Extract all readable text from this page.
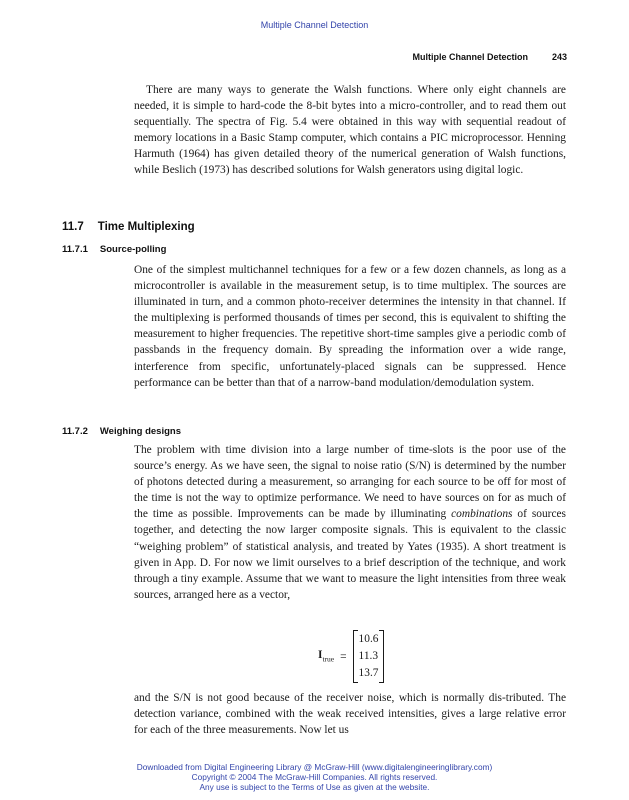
Multiple Channel Detection
Multiple Channel Detection	243

There are many ways to generate the Walsh functions. Where only eight channels are needed, it is simple to hard-code the 8-bit bytes into a micro-controller, and to read them out sequentially. The spectra of Fig. 5.4 were obtained in this way with sequential readout of memory locations in a Basic Stamp computer, which contains a PIC microprocessor. Henning Harmuth (1964) has given detailed theory of the numerical generation of Walsh functions, while Beslich (1973) has described solutions for Walsh generators using digital logic.

11.7 Time Multiplexing
11.7.1 Source-polling

One of the simplest multichannel techniques for a few or a few dozen channels, as long as a microcontroller is available in the measurement setup, is to time multiplex. The sources are illuminated in turn, and a common photo-receiver determines the intensity in that channel. If the multiplexing is performed thousands of times per second, this is equivalent to shifting the measurement to higher frequencies. The repetitive short-time samples give a periodic comb of passbands in the frequency domain. By spreading the information over a wide range, interference from specific, unfortunately-placed signals can be suppressed. Hence performance can be better than that of a narrow-band modulation/demodulation system.

11.7.2 Weighing designs

The problem with time division into a large number of time-slots is the poor use of the source’s energy. As we have seen, the signal to noise ratio (S/N) is determined by the number of photons detected during a measurement, so arranging for each source to be off for most of the time is not the way to optimize performance. We need to have sources on for as much of the time as possible. Improvements can be made by illuminating combinations of sources together, and detecting the now larger composite signals. This is equivalent to the classic “weighing problem” of statistical analysis, and treated by Yates (1935). A short treatment is given in App. D. For now we limit ourselves to a brief description of the technique, and work through a tiny example. Assume that we want to measure the light intensities from three weak sources, arranged here as a vector,

$I_{true}$ =
10.6
11.3
13.7

and the S/N is not good because of the receiver noise, which is normally dis-tributed. The detection variance, combined with the weak received intensities, gives a large relative error for each of the three measurements. Now let us

Downloaded from Digital Engineering Library @ McGraw-Hill (www.digitalengineeringlibrary.com)
Copyright © 2004 The McGraw-Hill Companies. All rights reserved.
Any use is subject to the Terms of Use as given at the website.
